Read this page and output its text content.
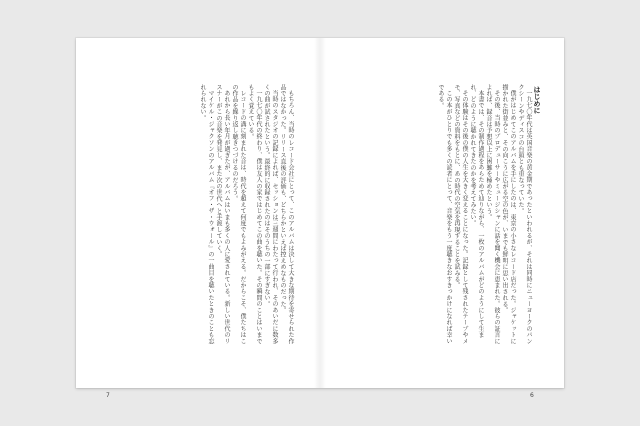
もちろん、当時のレコード会社にとって、このアルバムは決して大きな期待を寄せられた作品ではなかった。リリース直後の評価も、どちらかといえば控えめなものだった。

当時のスタジオの記録によれば、セッションは三週間にわたって行われ、そのあいだに数多くの曲が試されたという。最終的に収録されたのはそのうちの一部にすぎない。

一九七〇年代の終わり、僕は友人の家ではじめてこの曲を聴いた。その瞬間のことはいまでもよく覚えている。

レコードの溝に刻まれた音は、時代を超えて何度でもよみがえる。だからこそ、僕たちはこの作品を繰り返し聴きつづけるのだろう。

あれから長い年月が過ぎたが、アルバムはいまも多くの人に愛されている。新しい世代のリスナーがこの音楽を発見し、また次の世代へと手渡していく。

マイケル・ジャクソンのアルバム『オフ・ザ・ウォール』の一曲目を聴いたときのことも忘れられない。

7
はじめに

一九七〇年代は英国音楽の黄金期であったといわれるが、それは同時にニューヨークのパンクシーンやディスコの台頭とも重なっていた。

僕がはじめてこのアルバムを手にしたのは、東京の小さなレコード店だった。ジャケットに描かれた街並みと、その向こうに広がる空の色が、いまでも鮮明に思い出される。

その後、当時のプロデューサーやミュージシャンに話を聞く機会に恵まれた。彼らの証言によれば、録音は予想以上に困難を極めたという。

本書では、その制作過程をあらためて辿りながら、一枚のアルバムがどのようにして生まれ、どのように聴かれてきたのかを考えてみたい。

その体験はその後の僕の人生を大きく変えることになった。記録として残されたテープやメモ、写真などの資料をもとに、あの時代の空気を再現することを試みる。

この本がひとりでも多くの読者にとって、音楽をもう一度聴きなおすきっかけになれば幸いである。

6
